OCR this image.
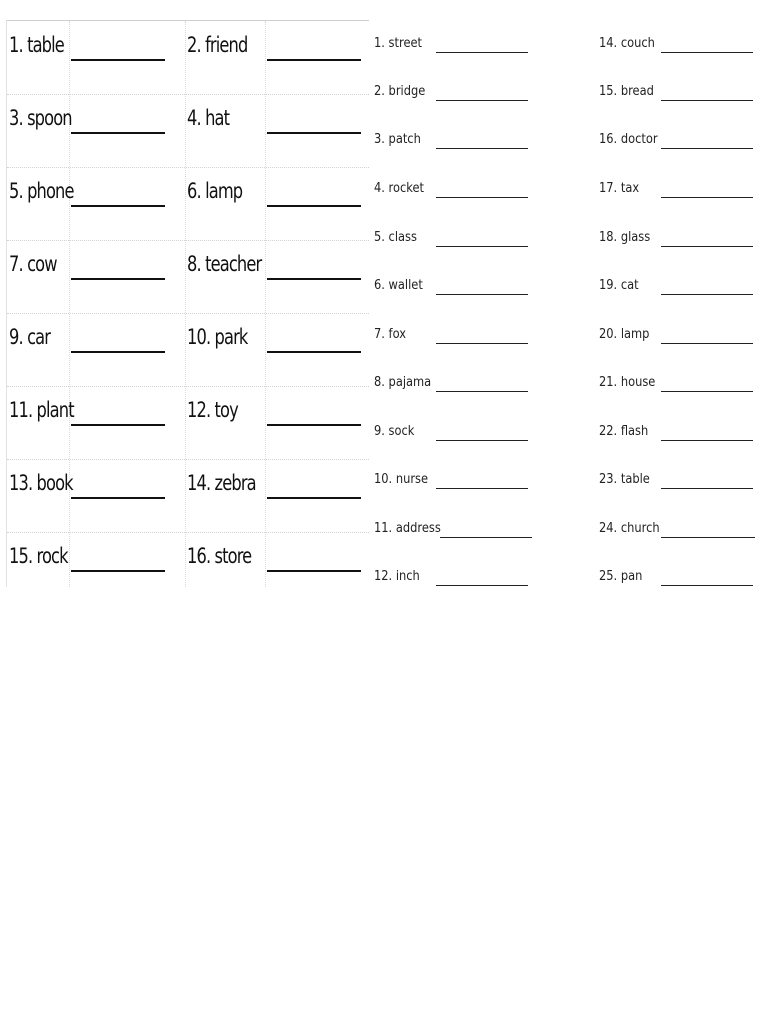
1. table	2. friend
3. spoon	4. hat
5. phone	6. lamp
7. cow	8. teacher
9. car	10. park
11. plant	12. toy
13. book	14. zebra
15. rock	16. store
1. street
2. bridge
3. patch
4. rocket
5. class
6. wallet
7. fox
8. pajama
9. sock
10. nurse
11. address
12. inch
14. couch
15. bread
16. doctor
17. tax
18. glass
19. cat
20. lamp
21. house
22. flash
23. table
24. church
25. pan
